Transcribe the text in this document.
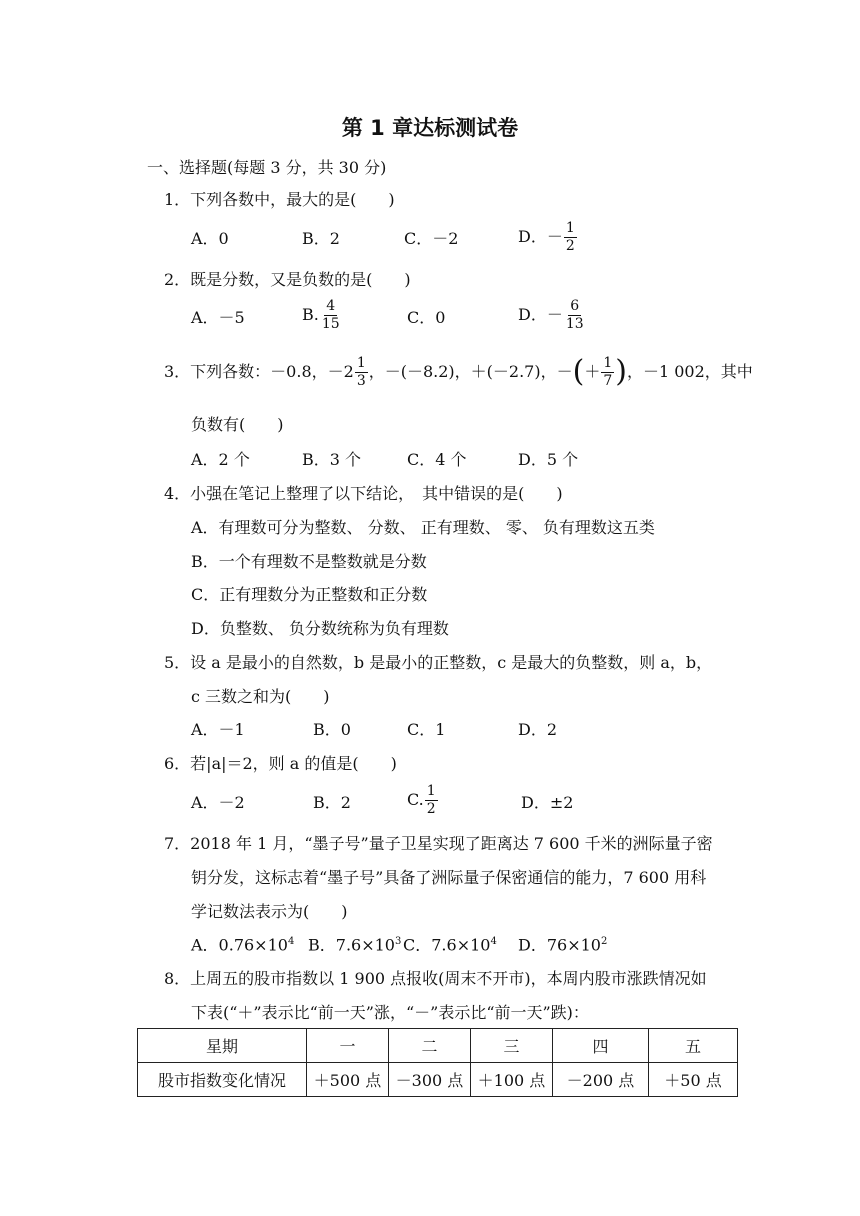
第 1 章达标测试卷
一、选择题(每题 3 分，共 30 分)
1．下列各数中，最大的是(　　)
A．0	B．2	C．－2	D．－ $\frac{1}{2}$
2．既是分数，又是负数的是(　　)
A．－5	B. $\frac{4}{15}$	C．0	D．－ $\frac{6}{13}$
3．下列各数：－0.8，$-2 \frac{1}{3}$ ，－(－8.2)，＋(－2.7)，－ ( ＋ $\frac{1}{7}$ ) ，－1 002，其中
负数有(　　)
A．2 个	B．3 个	C．4 个	D．5 个
4．小强在笔记上整理了以下结论，　其中错误的是(　　)
A．有理数可分为整数、 分数、 正有理数、 零、 负有理数这五类
B．一个有理数不是整数就是分数
C．正有理数分为正整数和正分数
D．负整数、 负分数统称为负有理数
5．设 a 是最小的自然数，b 是最小的正整数，c 是最大的负整数，则 a，b，
c 三数之和为(　　)
A．－1	B．0	C．1	D．2
6．若|a|＝2，则 a 的值是(　　)
A．－2	B．2	C. $\frac{1}{2}$	D．±2
7．2018 年 1 月，“墨子号”量子卫星实现了距离达 7 600 千米的洲际量子密
钥分发，这标志着“墨子号”具备了洲际量子保密通信的能力，7 600 用科
学记数法表示为(　　)
A．$0.76\times 10^4$ B．$7.6\times 10^3$ C．$7.6\times 10^4$ D．$76\times 10^2$
8．上周五的股市指数以 1 900 点报收(周末不开市)，本周内股市涨跌情况如
下表(“＋”表示比“前一天”涨，“－”表示比“前一天”跌)：
星期	一	二	三	四	五
股市指数变化情况	＋500 点	－300 点	＋100 点	－200 点	＋50 点
